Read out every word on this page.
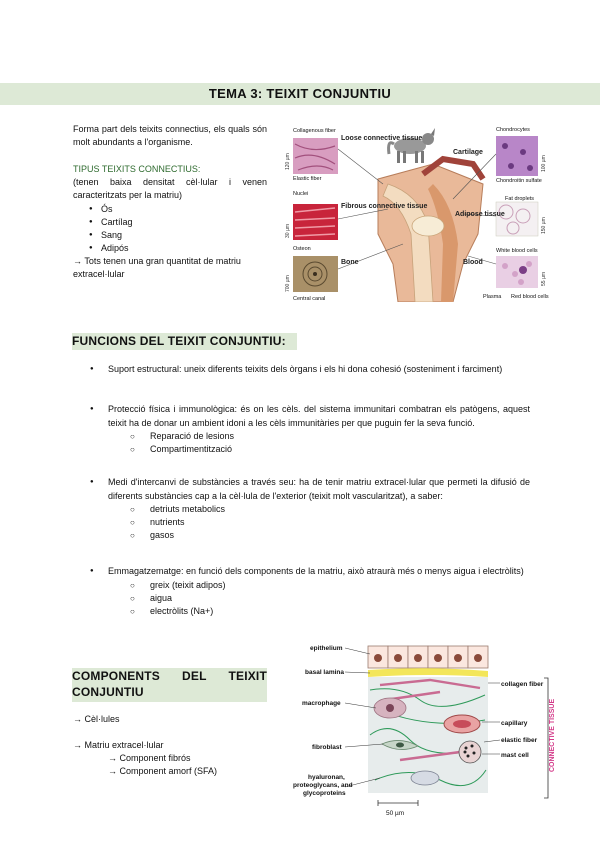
TEMA 3: TEIXIT CONJUNTIU
Forma part dels teixits connectius, els quals són molt abundants a l'organisme.
TIPUS TEIXITS CONNECTIUS:
(tenen baixa densitat cèl·lular i venen caracteritzats per la matriu)
● Ós
● Cartílag
● Sang
● Adipós
→ Tots tenen una gran quantitat de matriu extracel·lular
Collagenous fiber
Elastic fiber
Nuclei
Osteon
Central canal
Chondrocytes
Chondroitin sulfate
Fat droplets
White blood cells
Plasma Red blood cells
Loose connective tissue
Cartilage
Fibrous connective tissue
Adipose tissue
Bone	Blood
120 µm
30 µm
700 µm
100 µm
150 µm
55 µm
FUNCIONS DEL TEIXIT CONJUNTIU:
● Suport estructural: uneix diferents teixits dels òrgans i els hi dona cohesió (sosteniment i farciment)
● Protecció física i immunològica: és on les cèls. del sistema immunitari combatran els patògens, aquest teixit ha de donar un ambient idoni a les cèls immunitàries per que puguin fer la seva funció.
○ Reparació de lesions
○ Compartimentització
● Medi d'intercanvi de substàncies a través seu: ha de tenir matriu extracel·lular que permeti la difusió de diferents substàncies cap a la cèl·lula de l'exterior (teixit molt vascularitzat), a saber:
○ detriuts metabolics
○ nutrients
○ gasos
● Emmagatzematge: en funció dels components de la matriu, això atraurà més o menys aigua i electròlits)
○ greix (teixit adipos)
○ aigua
○ electròlits (Na+)
COMPONENTS DEL TEIXIT CONJUNTIU
→ Cèl·lules
→ Matriu extracel·lular
→ Component fibrós
→ Component amorf (SFA)	CONNECTIVE TISSUE
50 µm
epithelium
basal lamina
macrophage
fibroblast
hyaluronan,
proteoglycans, and
glycoproteins
collagen fiber
capillary
elastic fiber
mast cell
